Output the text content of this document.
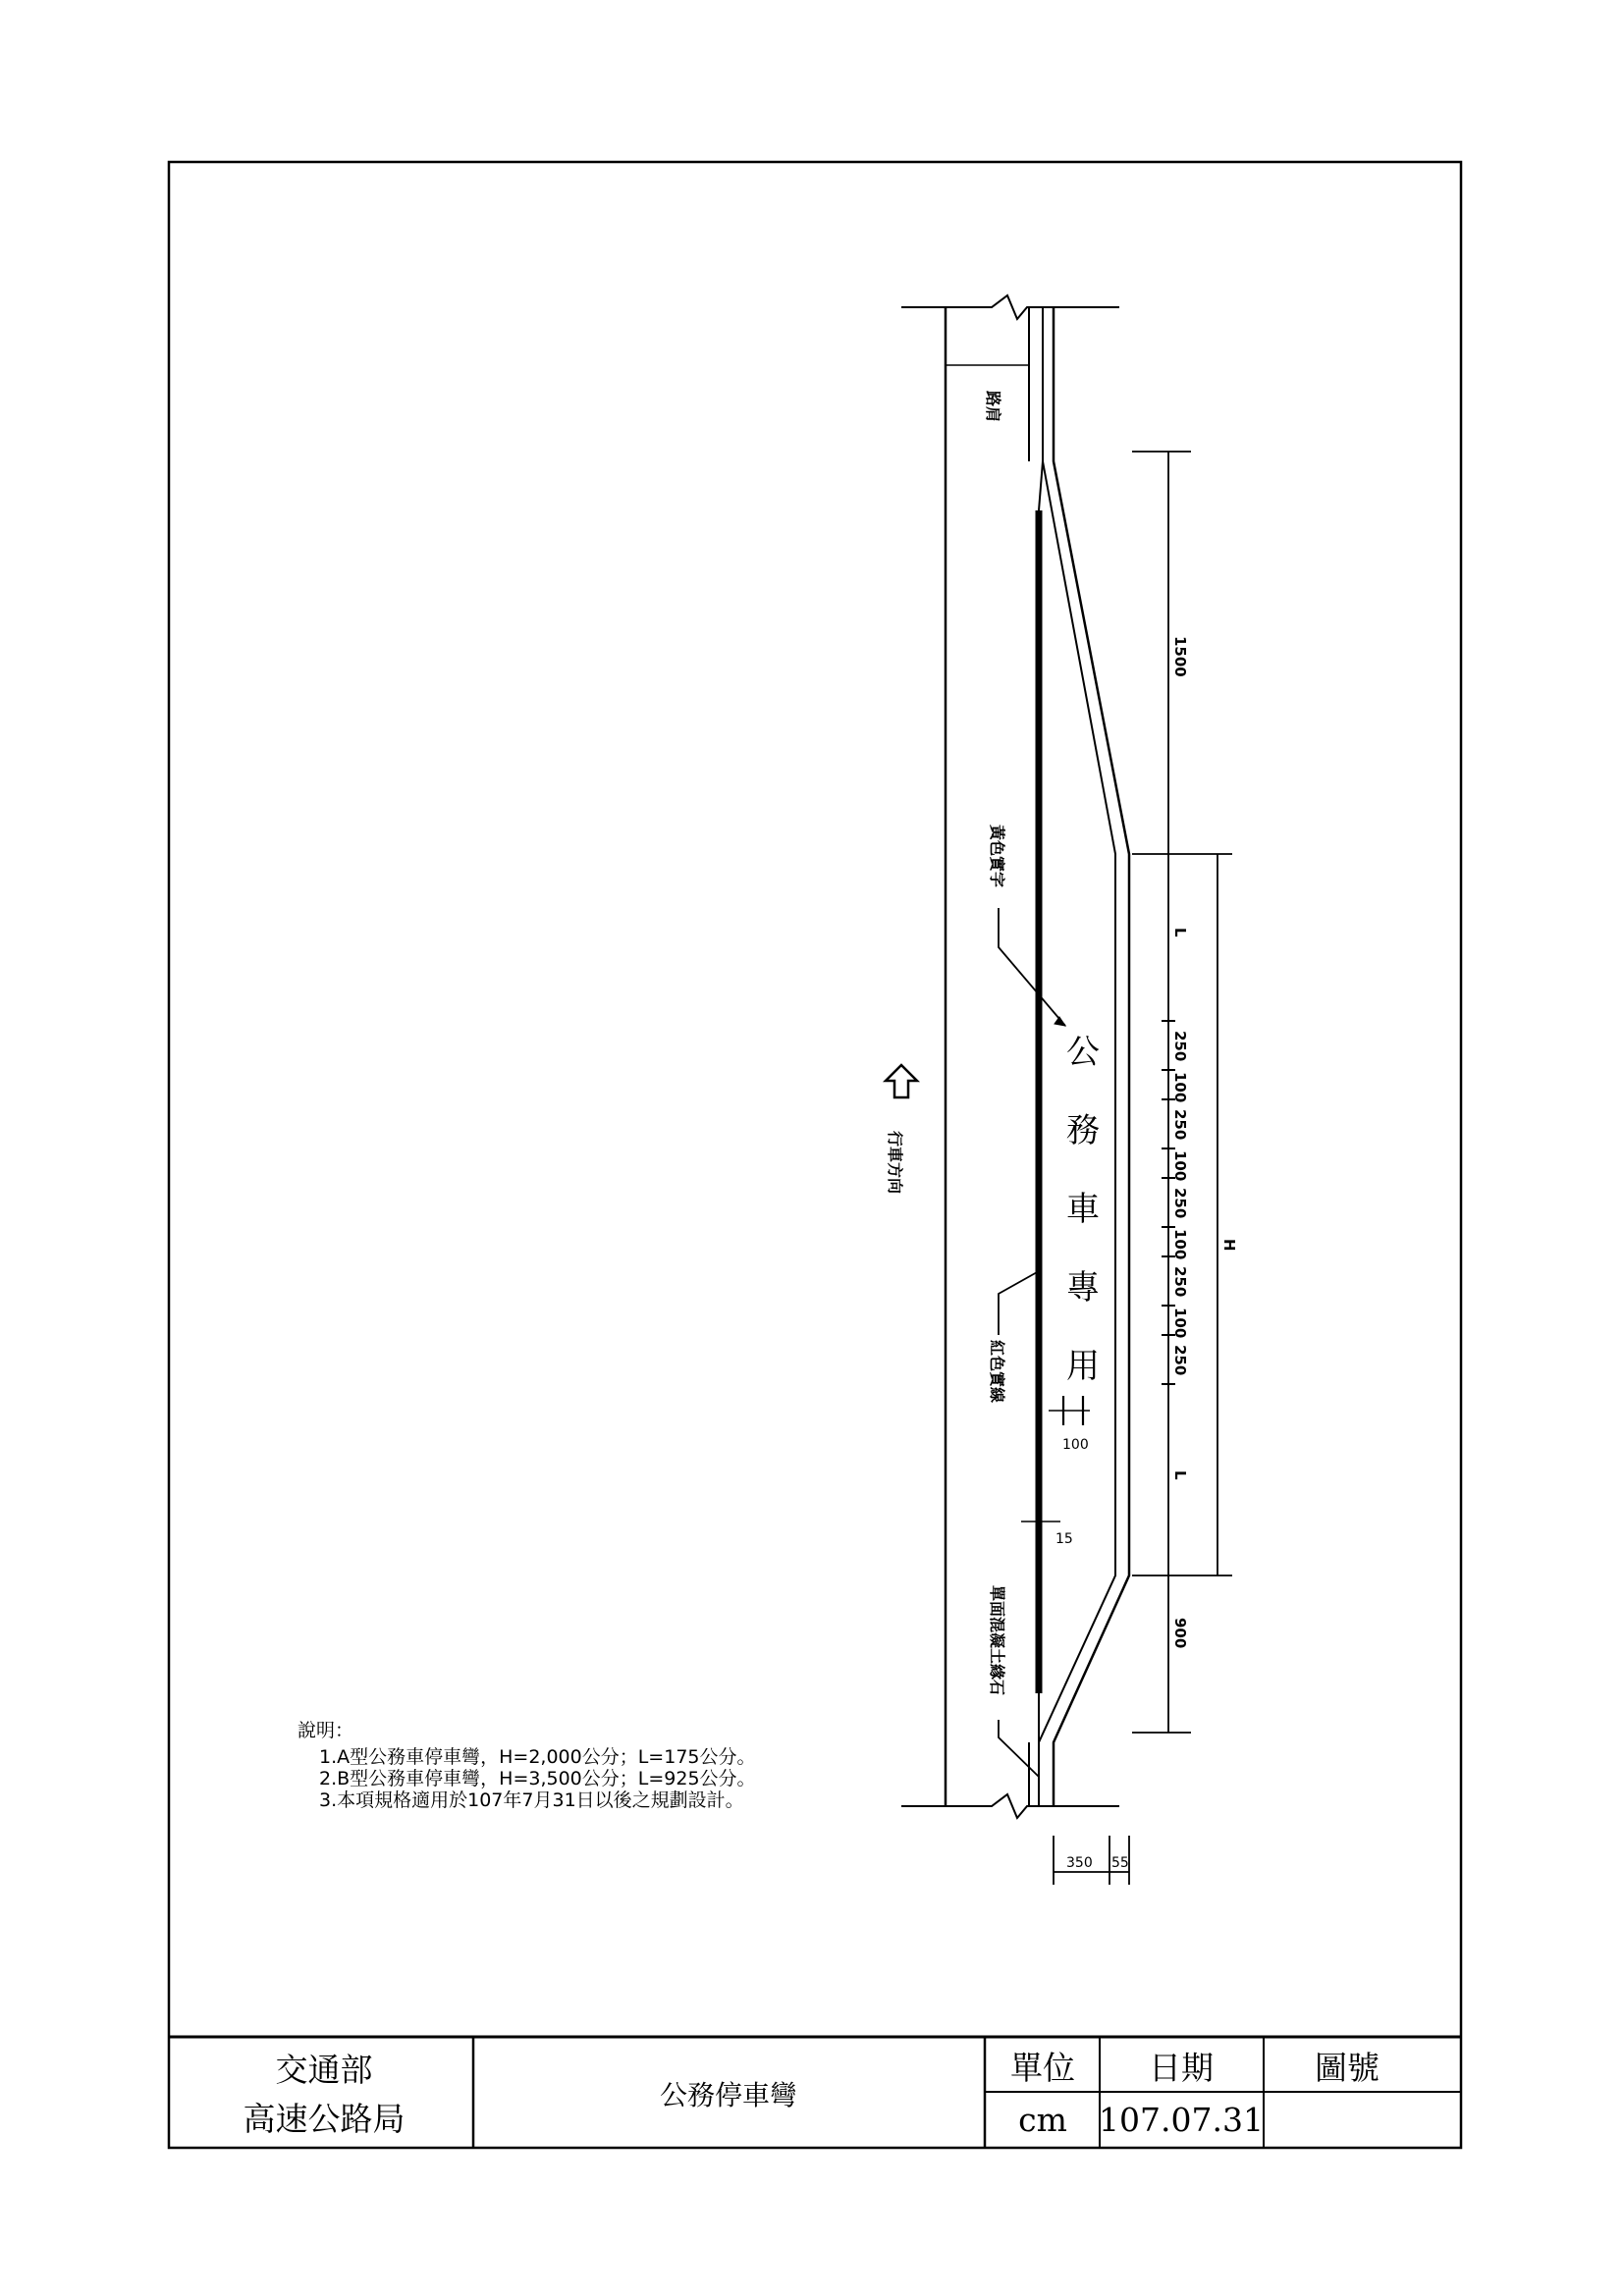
路肩
行車方向
黃色實字
紅色實線
單面混凝土緣石
公
務
車
專
用
1500
L
250
100
250
100
250
100
250
100
250
L
900
H
100
15
350 55
說明：
1.A型公務車停車彎，H=2,000公分；L=175公分。
2.B型公務車停車彎，H=3,500公分；L=925公分。
3.本項規格適用於107年7月31日以後之規劃設計。
交通部
高速公路局
公務停車彎
單位
cm
日期
107.07.31
圖號
